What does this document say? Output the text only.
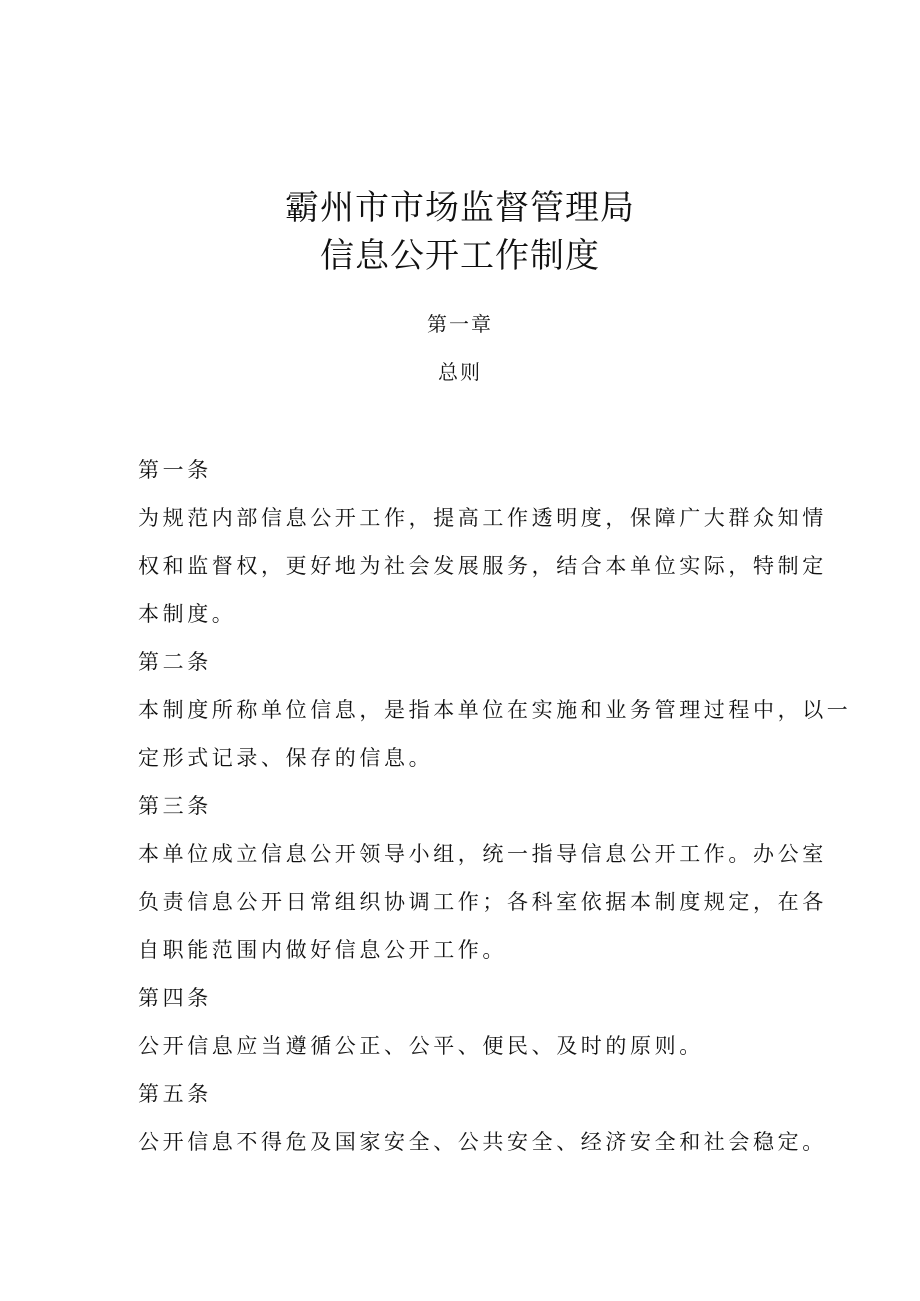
霸州市市场监督管理局
信息公开工作制度
第一章
总则
第一条
为规范内部信息公开工作，提高工作透明度，保障广大群众知情
权和监督权，更好地为社会发展服务，结合本单位实际，特制定
本制度。
第二条
本制度所称单位信息，是指本单位在实施和业务管理过程中，以一
定形式记录、保存的信息。
第三条
本单位成立信息公开领导小组，统一指导信息公开工作。办公室
负责信息公开日常组织协调工作；各科室依据本制度规定，在各
自职能范围内做好信息公开工作。
第四条
公开信息应当遵循公正、公平、便民、及时的原则。
第五条
公开信息不得危及国家安全、公共安全、经济安全和社会稳定。
